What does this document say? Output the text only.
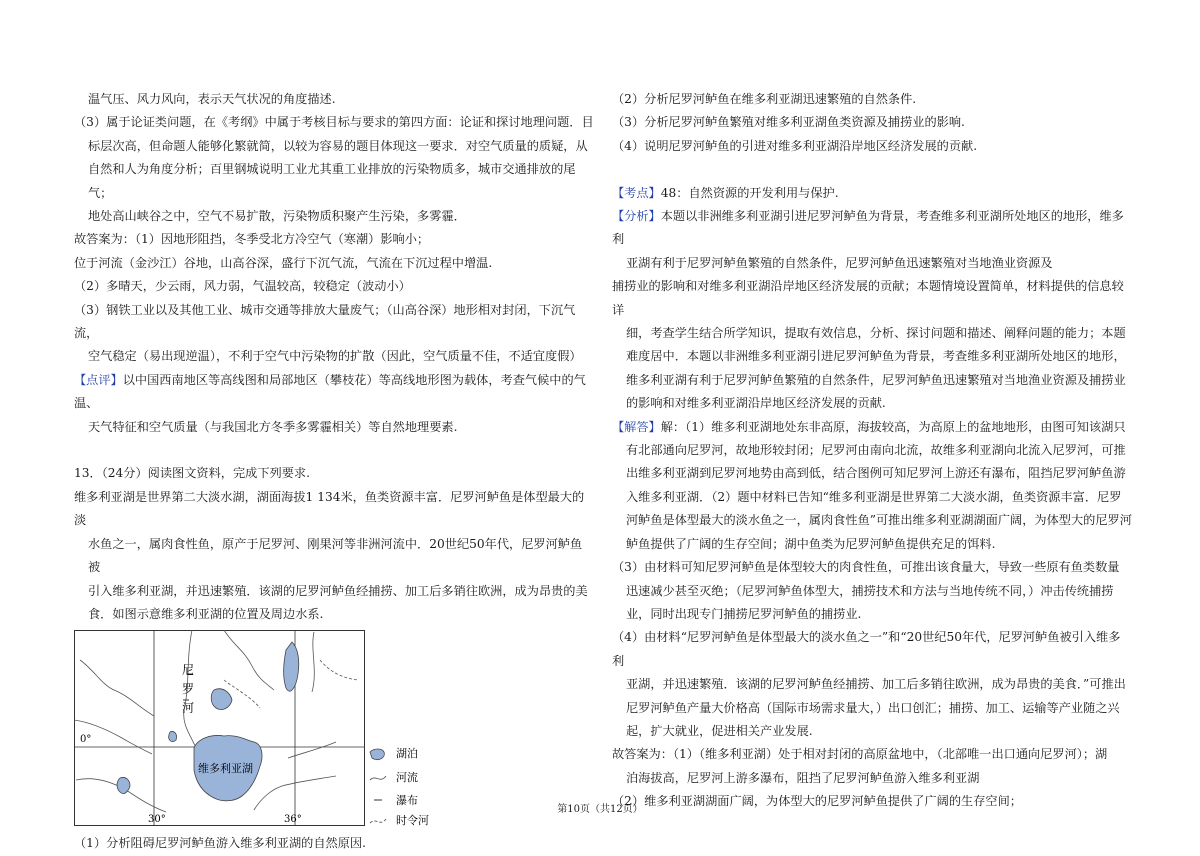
温气压、风力风向，表示天气状况的角度描述.

（3）属于论证类问题，在《考纲》中属于考核目标与要求的第四方面：论证和探讨地理问题．目

标层次高，但命题人能够化繁就简，以较为容易的题目体现这一要求．对空气质量的质疑，从

自然和人为角度分析；百里钢城说明工业尤其重工业排放的污染物质多，城市交通排放的尾气；

地处高山峡谷之中，空气不易扩散，污染物质积聚产生污染，多雾霾．

故答案为：（1）因地形阻挡，冬季受北方冷空气（寒潮）影响小；

位于河流（金沙江）谷地，山高谷深，盛行下沉气流，气流在下沉过程中增温.

（2）多晴天，少云雨，风力弱，气温较高，较稳定（波动小）

（3）钢铁工业以及其他工业、城市交通等排放大量废气；（山高谷深）地形相对封闭，下沉气流，

空气稳定（易出现逆温），不利于空气中污染物的扩散（因此，空气质量不佳，不适宜度假）

【点评】以中国西南地区等高线图和局部地区（攀枝花）等高线地形图为载体，考查气候中的气温、

天气特征和空气质量（与我国北方冬季多雾霾相关）等自然地理要素.

13．（24分）阅读图文资料，完成下列要求.

维多利亚湖是世界第二大淡水湖，湖面海拔1 134米，鱼类资源丰富．尼罗河鲈鱼是体型最大的淡

水鱼之一，属肉食性鱼，原产于尼罗河、刚果河等非洲河流中．20世纪50年代，尼罗河鲈鱼被

引入维多利亚湖，并迅速繁殖．该湖的尼罗河鲈鱼经捕捞、加工后多销往欧洲，成为昂贵的美

食．如图示意维多利亚湖的位置及周边水系.

尼
罗
河
维多利亚湖
0°
30°	36°
湖泊
河流
瀑布
时令河

（1）分析阻碍尼罗河鲈鱼游入维多利亚湖的自然原因.

（2）分析尼罗河鲈鱼在维多利亚湖迅速繁殖的自然条件.

（3）分析尼罗河鲈鱼繁殖对维多利亚湖鱼类资源及捕捞业的影响.

（4）说明尼罗河鲈鱼的引进对维多利亚湖沿岸地区经济发展的贡献.

【考点】48：自然资源的开发利用与保护.

【分析】本题以非洲维多利亚湖引进尼罗河鲈鱼为背景，考查维多利亚湖所处地区的地形，维多利

亚湖有利于尼罗河鲈鱼繁殖的自然条件，尼罗河鲈鱼迅速繁殖对当地渔业资源及

捕捞业的影响和对维多利亚湖沿岸地区经济发展的贡献；本题情境设置简单，材料提供的信息较详

细，考查学生结合所学知识，提取有效信息，分析、探讨问题和描述、阐释问题的能力；本题

难度居中．本题以非洲维多利亚湖引进尼罗河鲈鱼为背景，考查维多利亚湖所处地区的地形，

维多利亚湖有利于尼罗河鲈鱼繁殖的自然条件，尼罗河鲈鱼迅速繁殖对当地渔业资源及捕捞业

的影响和对维多利亚湖沿岸地区经济发展的贡献.

【解答】解：（1）维多利亚湖地处东非高原，海拔较高，为高原上的盆地地形，由图可知该湖只

有北部通向尼罗河，故地形较封闭；尼罗河由南向北流，故维多利亚湖向北流入尼罗河，可推

出维多利亚湖到尼罗河地势由高到低，结合图例可知尼罗河上游还有瀑布，阻挡尼罗河鲈鱼游

入维多利亚湖．（2）题中材料已告知“维多利亚湖是世界第二大淡水湖，鱼类资源丰富．尼罗

河鲈鱼是体型最大的淡水鱼之一，属肉食性鱼”可推出维多利亚湖湖面广阔，为体型大的尼罗河

鲈鱼提供了广阔的生存空间；湖中鱼类为尼罗河鲈鱼提供充足的饵料.

（3）由材料可知尼罗河鲈鱼是体型较大的肉食性鱼，可推出该食量大，导致一些原有鱼类数量

迅速减少甚至灭绝；（尼罗河鲈鱼体型大，捕捞技术和方法与当地传统不同，）冲击传统捕捞

业，同时出现专门捕捞尼罗河鲈鱼的捕捞业.

（4）由材料“尼罗河鲈鱼是体型最大的淡水鱼之一”和“20世纪50年代，尼罗河鲈鱼被引入维多利

亚湖，并迅速繁殖．该湖的尼罗河鲈鱼经捕捞、加工后多销往欧洲，成为昂贵的美食．”可推出

尼罗河鲈鱼产量大价格高（国际市场需求量大，）出口创汇；捕捞、加工、运输等产业随之兴

起，扩大就业，促进相关产业发展.

故答案为：（1）（维多利亚湖）处于相对封闭的高原盆地中，（北部唯一出口通向尼罗河）；湖

泊海拔高，尼罗河上游多瀑布，阻挡了尼罗河鲈鱼游入维多利亚湖

（2）维多利亚湖湖面广阔，为体型大的尼罗河鲈鱼提供了广阔的生存空间；

第10页（共12页）
